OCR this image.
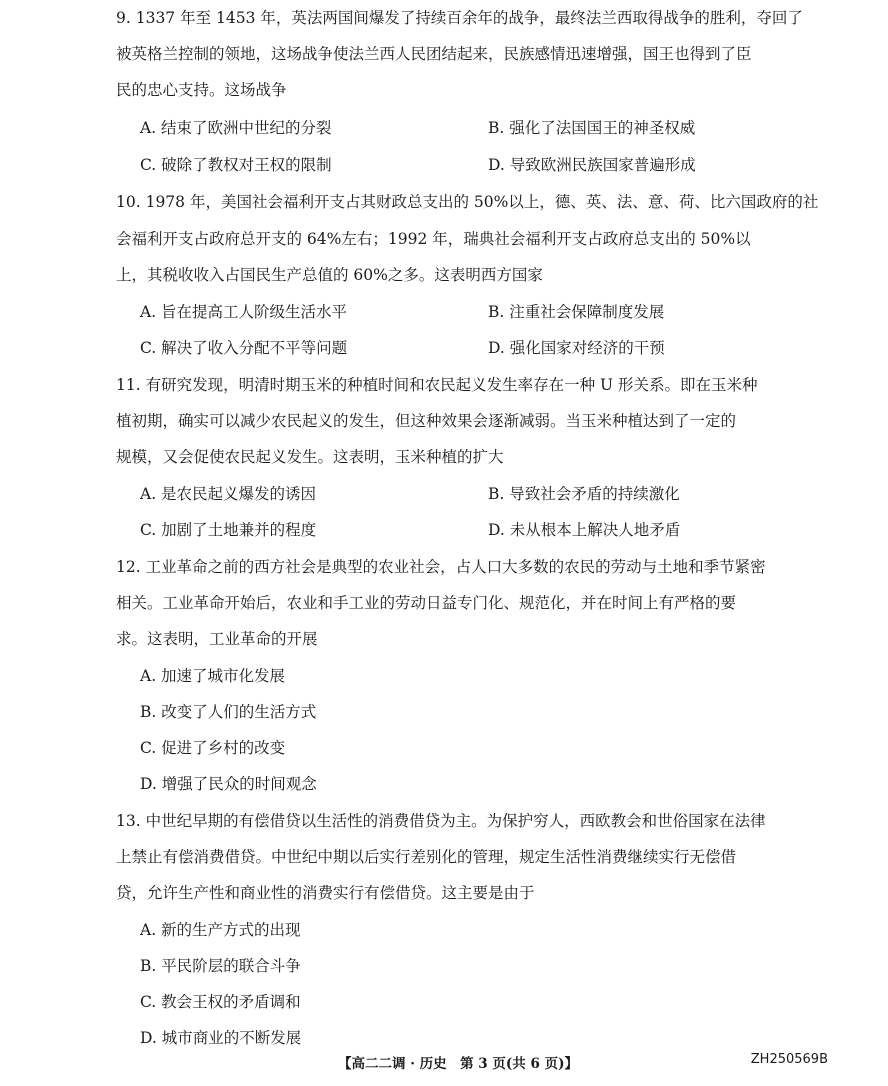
9. 1337 年至 1453 年，英法两国间爆发了持续百余年的战争，最终法兰西取得战争的胜利，夺回了
被英格兰控制的领地，这场战争使法兰西人民团结起来，民族感情迅速增强，国王也得到了臣
民的忠心支持。这场战争
A. 结束了欧洲中世纪的分裂	B. 强化了法国国王的神圣权威
C. 破除了教权对王权的限制	D. 导致欧洲民族国家普遍形成
10. 1978 年，美国社会福利开支占其财政总支出的 50%以上，德、英、法、意、荷、比六国政府的社
会福利开支占政府总开支的 64%左右；1992 年，瑞典社会福利开支占政府总支出的 50%以
上，其税收收入占国民生产总值的 60%之多。这表明西方国家
A. 旨在提高工人阶级生活水平	B. 注重社会保障制度发展
C. 解决了收入分配不平等问题	D. 强化国家对经济的干预
11. 有研究发现，明清时期玉米的种植时间和农民起义发生率存在一种 U 形关系。即在玉米种
植初期，确实可以减少农民起义的发生，但这种效果会逐渐减弱。当玉米种植达到了一定的
规模，又会促使农民起义发生。这表明，玉米种植的扩大
A. 是农民起义爆发的诱因	B. 导致社会矛盾的持续激化
C. 加剧了土地兼并的程度	D. 未从根本上解决人地矛盾
12. 工业革命之前的西方社会是典型的农业社会，占人口大多数的农民的劳动与土地和季节紧密
相关。工业革命开始后，农业和手工业的劳动日益专门化、规范化，并在时间上有严格的要
求。这表明，工业革命的开展
A. 加速了城市化发展
B. 改变了人们的生活方式
C. 促进了乡村的改变
D. 增强了民众的时间观念
13. 中世纪早期的有偿借贷以生活性的消费借贷为主。为保护穷人，西欧教会和世俗国家在法律
上禁止有偿消费借贷。中世纪中期以后实行差别化的管理，规定生活性消费继续实行无偿借
贷，允许生产性和商业性的消费实行有偿借贷。这主要是由于
A. 新的生产方式的出现
B. 平民阶层的联合斗争
C. 教会王权的矛盾调和
D. 城市商业的不断发展
【高二二调 · 历史　第 3 页(共 6 页)】	ZH250569B
